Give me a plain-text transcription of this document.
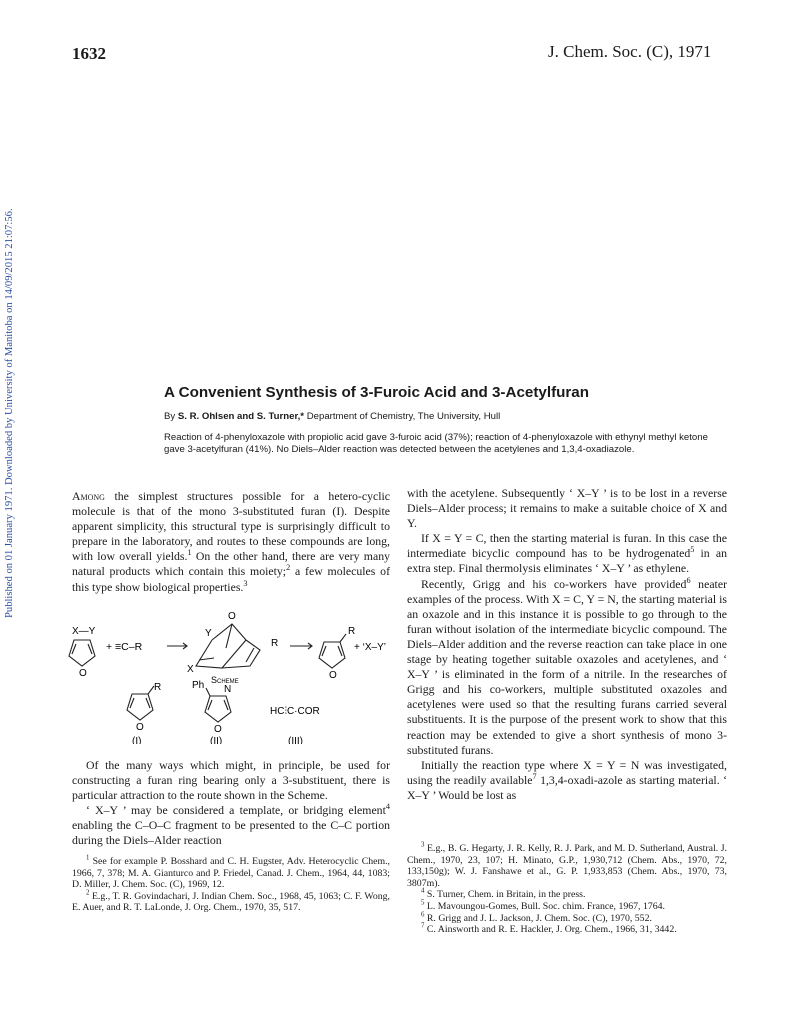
1632	J. Chem. Soc. (C), 1971
Published on 01 January 1971. Downloaded by University of Manitoba on 14/09/2015 21:07:56.	A Convenient Synthesis of 3-Furoic Acid and 3-Acetylfuran
By S. R. Ohlsen and S. Turner,* Department of Chemistry, The University, Hull
Reaction of 4-phenyloxazole with propiolic acid gave 3-furoic acid (37%); reaction of 4-phenyloxazole with ethynyl methyl ketone gave 3-acetylfuran (41%). No Diels–Alder reaction was detected between the acetylenes and 1,3,4-oxadiazole.

Among the simplest structures possible for a hetero-cyclic molecule is that of the mono 3-substituted furan (I). Despite apparent simplicity, this structural type is surprisingly difficult to prepare in the laboratory, and routes to these compounds are long, with low overall yields.$^1$ On the other hand, there are very many natural products which contain this moiety;$^2$ a few molecules of this type show biological properties.$^3$

X—Y
O
+ ≡C–R
O
Y
X
R
R
O
+ ‘X–Y’
Scheme
R
O
Ph N
O
HC⫶C·COR
(I)	(II)	(III)

Of the many ways which might, in principle, be used for constructing a furan ring bearing only a 3-substituent, there is particular attraction to the route shown in the Scheme.

‘ X–Y ’ may be considered a template, or bridging element$^4$ enabling the C–O–C fragment to be presented to the C–C portion during the Diels–Alder reaction

$^1$ See for example P. Bosshard and C. H. Eugster, Adv. Heterocyclic Chem., 1966, 7, 378; M. A. Gianturco and P. Friedel, Canad. J. Chem., 1964, 44, 1083; D. Miller, J. Chem. Soc. (C), 1969, 12.

$^2$ E.g., T. R. Govindachari, J. Indian Chem. Soc., 1968, 45, 1063; C. F. Wong, E. Auer, and R. T. LaLonde, J. Org. Chem., 1970, 35, 517.

with the acetylene. Subsequently ‘ X–Y ’ is to be lost in a reverse Diels–Alder process; it remains to make a suitable choice of X and Y.

If X = Y = C, then the starting material is furan. In this case the intermediate bicyclic compound has to be hydrogenated$^5$ in an extra step. Final thermolysis eliminates ‘ X–Y ’ as ethylene.

Recently, Grigg and his co-workers have provided$^6$ neater examples of the process. With X = C, Y = N, the starting material is an oxazole and in this instance it is possible to go through to the furan without isolation of the intermediate bicyclic compound. The Diels–Alder addition and the reverse reaction can take place in one stage by heating together suitable oxazoles and acetylenes, and ‘ X–Y ’ is eliminated in the form of a nitrile. In the researches of Grigg and his co-workers, multiple substituted oxazoles and acetylenes were used so that the resulting furans carried several substituents. It is the purpose of the present work to show that this reaction may be extended to give a short synthesis of mono 3-substituted furans.

Initially the reaction type where X = Y = N was investigated, using the readily available$^7$ 1,3,4-oxadi-azole as starting material. ‘ X–Y ’ Would be lost as

$^3$ E.g., B. G. Hegarty, J. R. Kelly, R. J. Park, and M. D. Sutherland, Austral. J. Chem., 1970, 23, 107; H. Minato, G.P., 1,930,712 (Chem. Abs., 1970, 72, 133,150g); W. J. Fanshawe et al., G. P. 1,933,853 (Chem. Abs., 1970, 73, 3807m).

$^4$ S. Turner, Chem. in Britain, in the press.

$^5$ L. Mavoungou-Gomes, Bull. Soc. chim. France, 1967, 1764.

$^6$ R. Grigg and J. L. Jackson, J. Chem. Soc. (C), 1970, 552.

$^7$ C. Ainsworth and R. E. Hackler, J. Org. Chem., 1966, 31, 3442.
